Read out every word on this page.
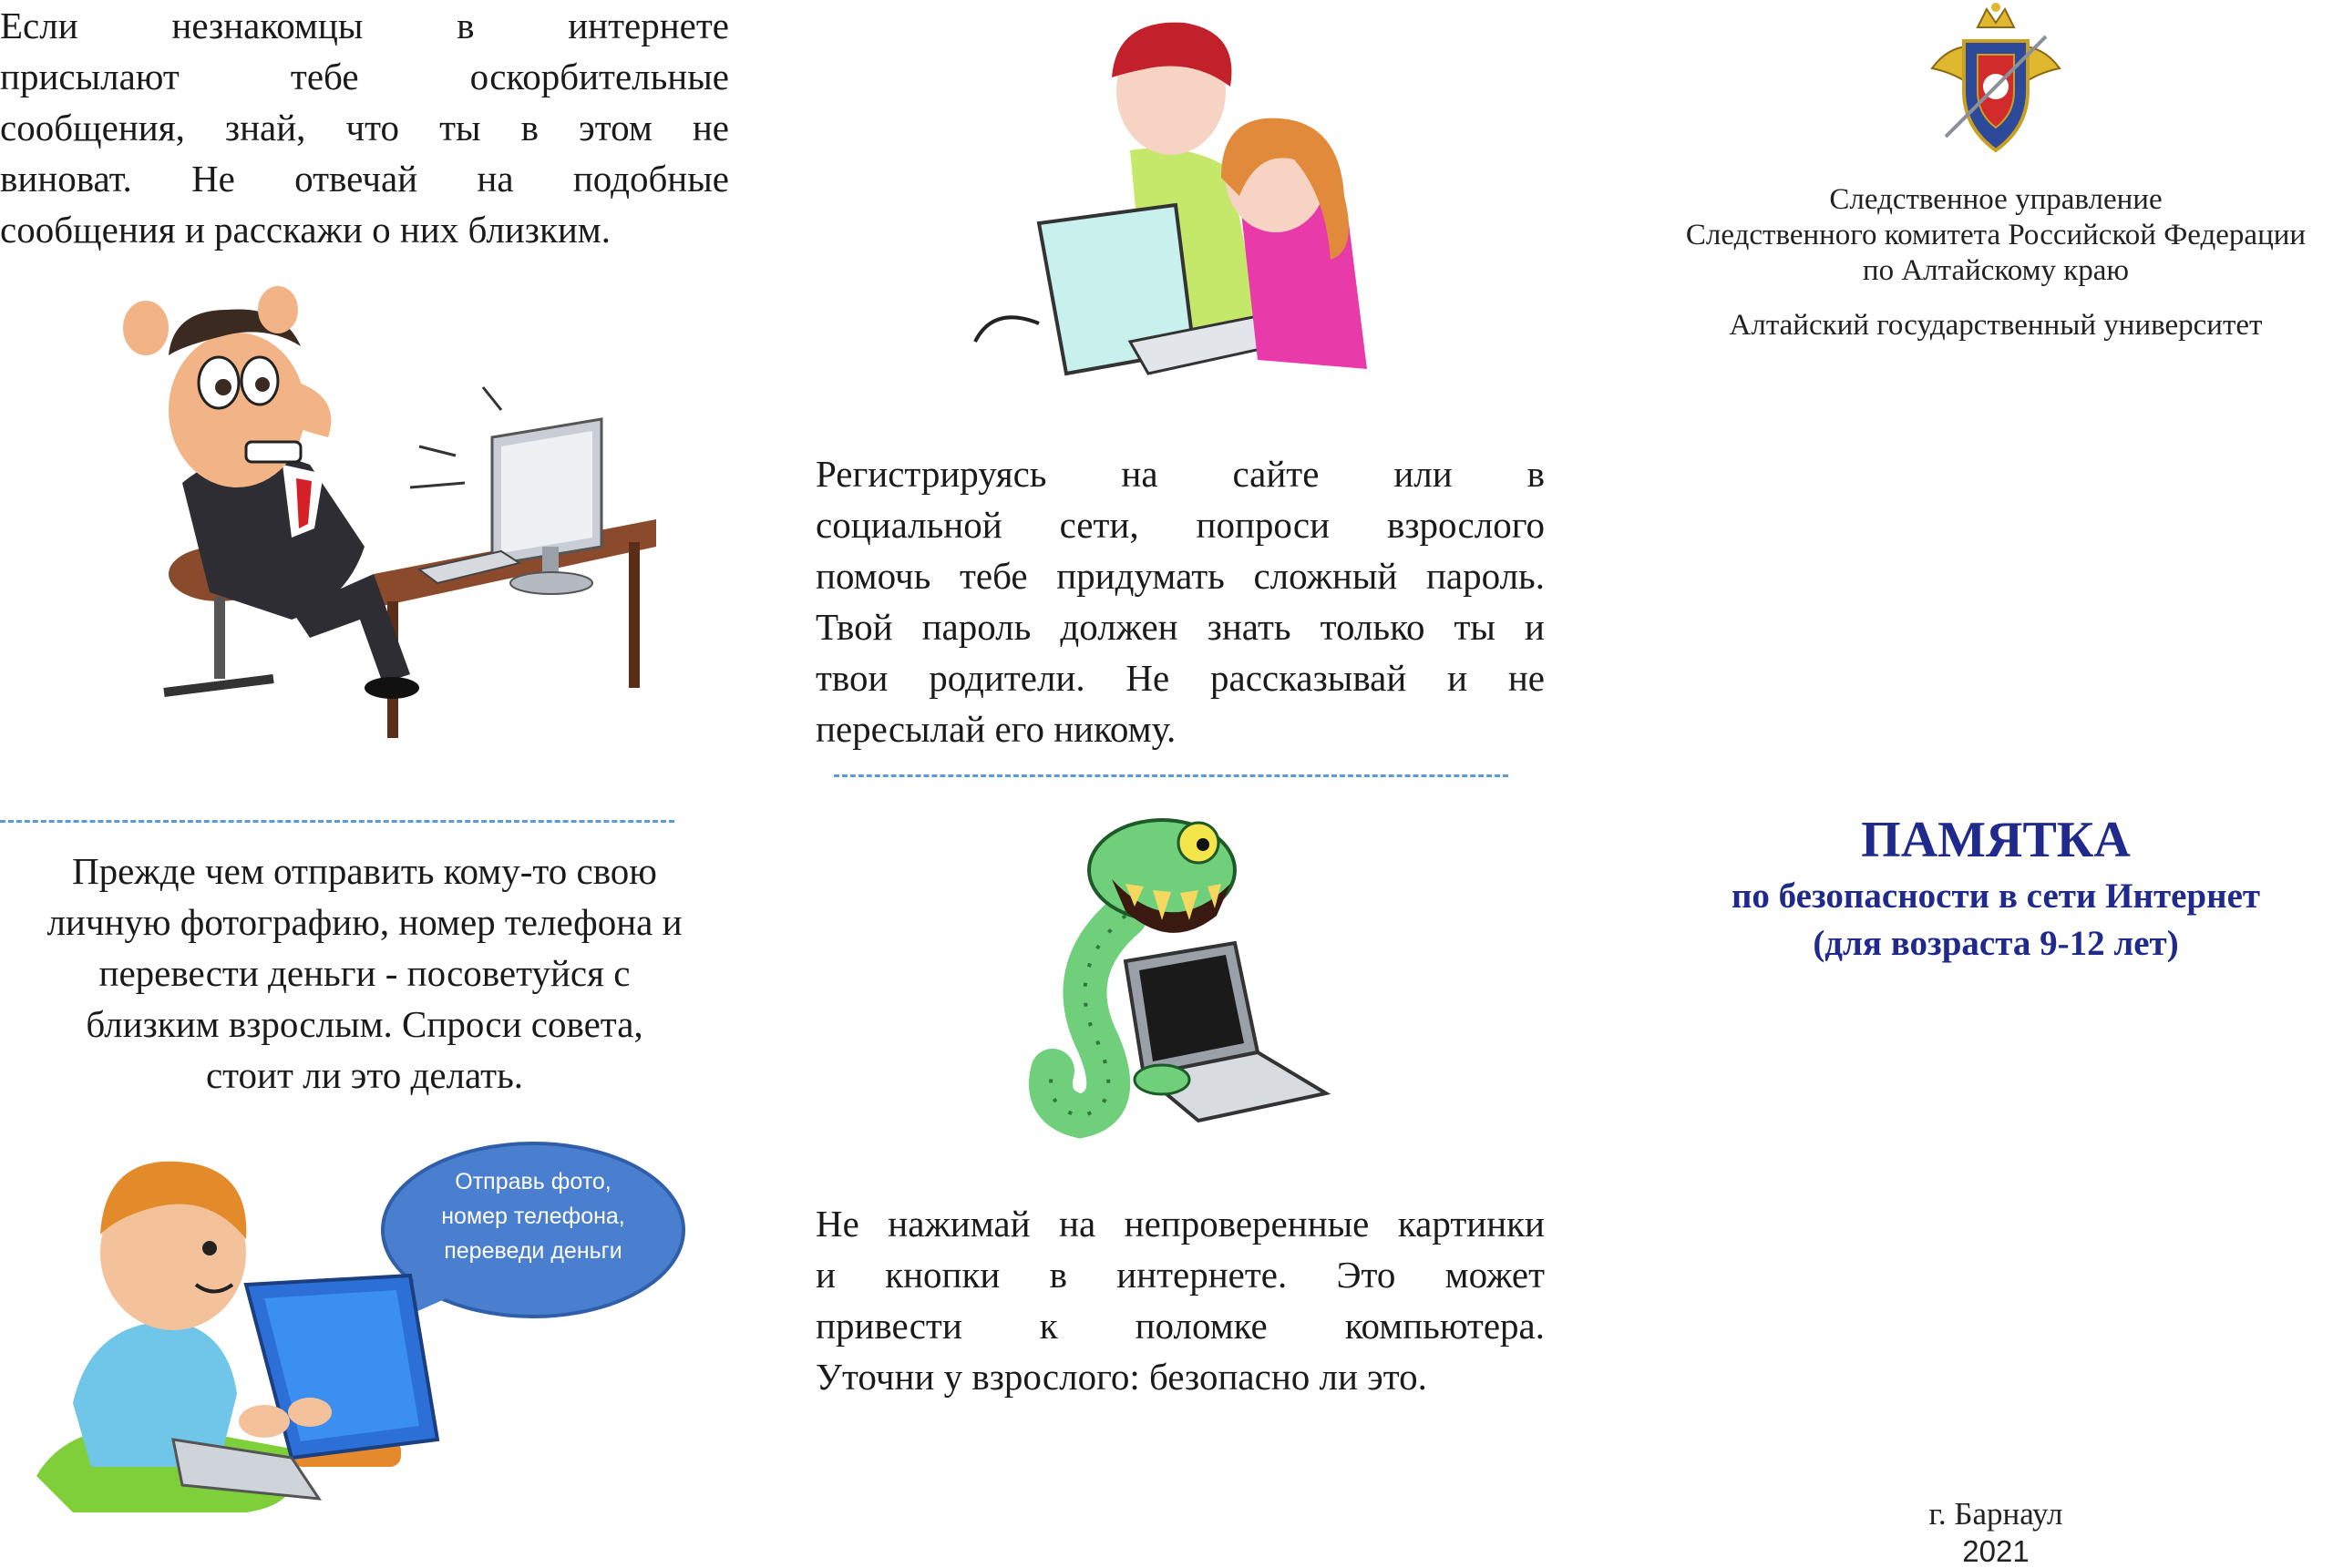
Если незнакомцы в интернете
присылают тебе оскорбительные
сообщения, знай, что ты в этом не
виноват. Не отвечай на подобные
сообщения и расскажи о них близким.
Прежде чем отправить кому-то свою
личную фотографию, номер телефона и
перевести деньги - посоветуйся с
близким взрослым. Спроси совета,
стоит ли это делать.
Отправь фото,
номер телефона,
переведи деньги
Регистрируясь на сайте или в
социальной сети, попроси взрослого
помочь тебе придумать сложный пароль.
Твой пароль должен знать только ты и
твои родители. Не рассказывай и не
пересылай его никому.
Не нажимай на непроверенные картинки
и кнопки в интернете. Это может
привести к поломке компьютера.
Уточни у взрослого: безопасно ли это.
Следственное управление
Следственного комитета Российской Федерации
по Алтайскому краю
Алтайский государственный университет
ПАМЯТКА
по безопасности в сети Интернет
(для возраста 9-12 лет)
г. Барнаул
2021
